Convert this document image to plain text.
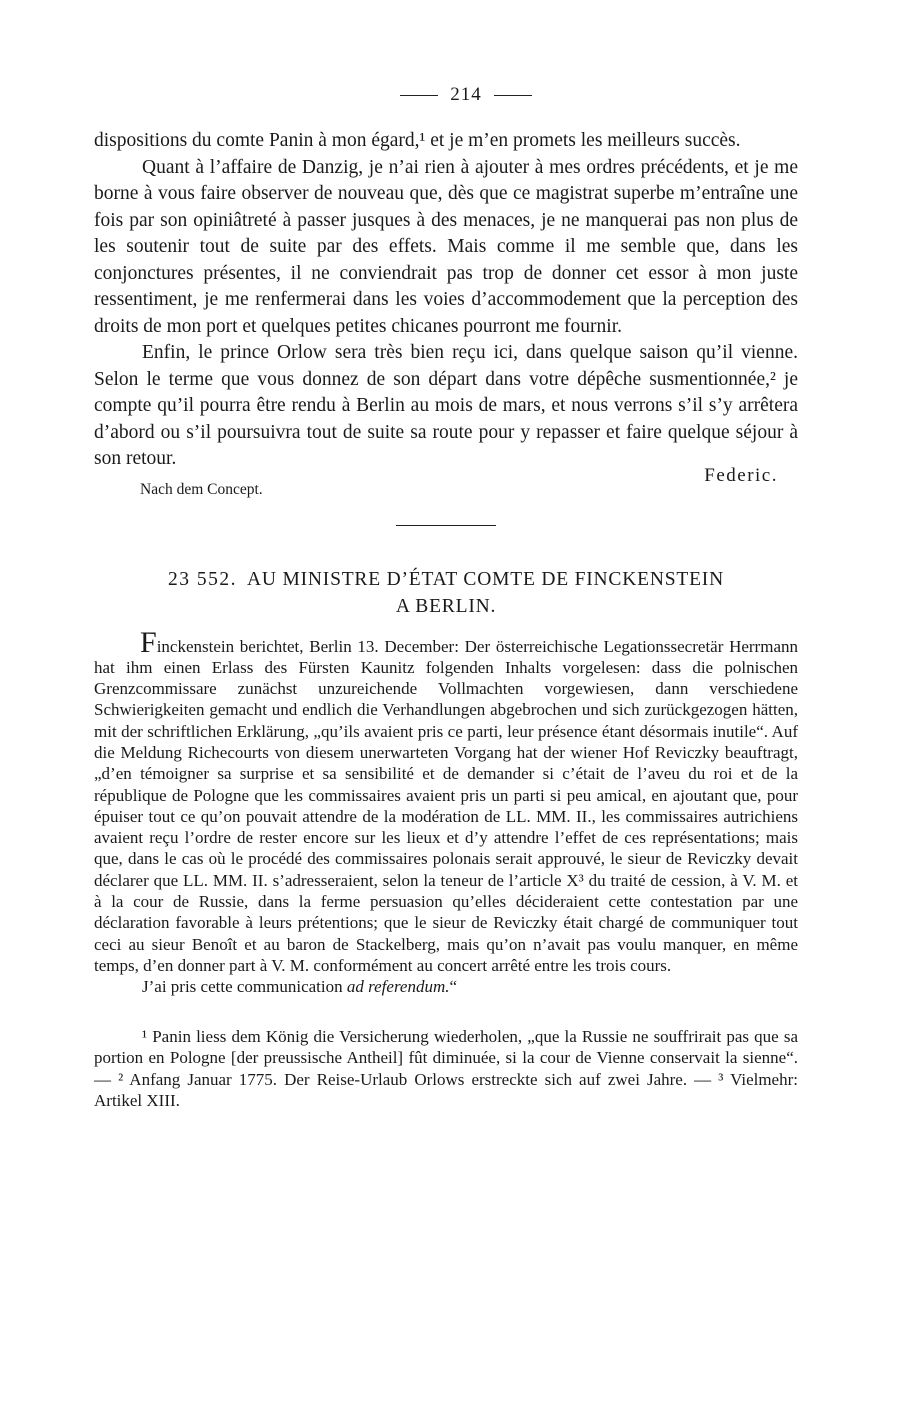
214

dispositions du comte Panin à mon égard,¹ et je m’en promets les meilleurs succès.

Quant à l’affaire de Danzig, je n’ai rien à ajouter à mes ordres précédents, et je me borne à vous faire observer de nouveau que, dès que ce magistrat superbe m’entraîne une fois par son opiniâtreté à passer jusques à des menaces, je ne manquerai pas non plus de les soutenir tout de suite par des effets. Mais comme il me semble que, dans les conjonctures présentes, il ne conviendrait pas trop de donner cet essor à mon juste ressentiment, je me renfermerai dans les voies d’accommodement que la perception des droits de mon port et quelques petites chicanes pourront me fournir.

Enfin, le prince Orlow sera très bien reçu ici, dans quelque saison qu’il vienne. Selon le terme que vous donnez de son départ dans votre dépêche susmentionnée,² je compte qu’il pourra être rendu à Berlin au mois de mars, et nous verrons s’il s’y arrêtera d’abord ou s’il poursuivra tout de suite sa route pour y repasser et faire quelque séjour à son retour.

Nach dem Concept.
Federic.
23 552. AU MINISTRE D’ÉTAT COMTE DE FINCKENSTEIN
A BERLIN.

Finckenstein berichtet, Berlin 13. December: Der österreichische Legationssecretär Herrmann hat ihm einen Erlass des Fürsten Kaunitz folgenden Inhalts vorgelesen: dass die polnischen Grenzcommissare zunächst unzureichende Vollmachten vorgewiesen, dann verschiedene Schwierigkeiten gemacht und endlich die Verhandlungen abgebrochen und sich zurückgezogen hätten, mit der schriftlichen Erklärung, „qu’ils avaient pris ce parti, leur présence étant désormais inutile“. Auf die Meldung Richecourts von diesem unerwarteten Vorgang hat der wiener Hof Reviczky beauftragt, „d’en témoigner sa surprise et sa sensibilité et de demander si c’était de l’aveu du roi et de la république de Pologne que les commissaires avaient pris un parti si peu amical, en ajoutant que, pour épuiser tout ce qu’on pouvait attendre de la modération de LL. MM. II., les commissaires autrichiens avaient reçu l’ordre de rester encore sur les lieux et d’y attendre l’effet de ces représentations; mais que, dans le cas où le procédé des commissaires polonais serait approuvé, le sieur de Reviczky devait déclarer que LL. MM. II. s’adresseraient, selon la teneur de l’article X³ du traité de cession, à V. M. et à la cour de Russie, dans la ferme persuasion qu’elles décideraient cette contestation par une déclaration favorable à leurs prétentions; que le sieur de Reviczky était chargé de communiquer tout ceci au sieur Benoît et au baron de Stackelberg, mais qu’on n’avait pas voulu manquer, en même temps, d’en donner part à V. M. conformément au concert arrêté entre les trois cours.

J’ai pris cette communication ad referendum.“

¹ Panin liess dem König die Versicherung wiederholen, „que la Russie ne souffrirait pas que sa portion en Pologne [der preussische Antheil] fût diminuée, si la cour de Vienne conservait la sienne“. — ² Anfang Januar 1775. Der Reise-Urlaub Orlows erstreckte sich auf zwei Jahre. — ³ Vielmehr: Artikel XIII.
